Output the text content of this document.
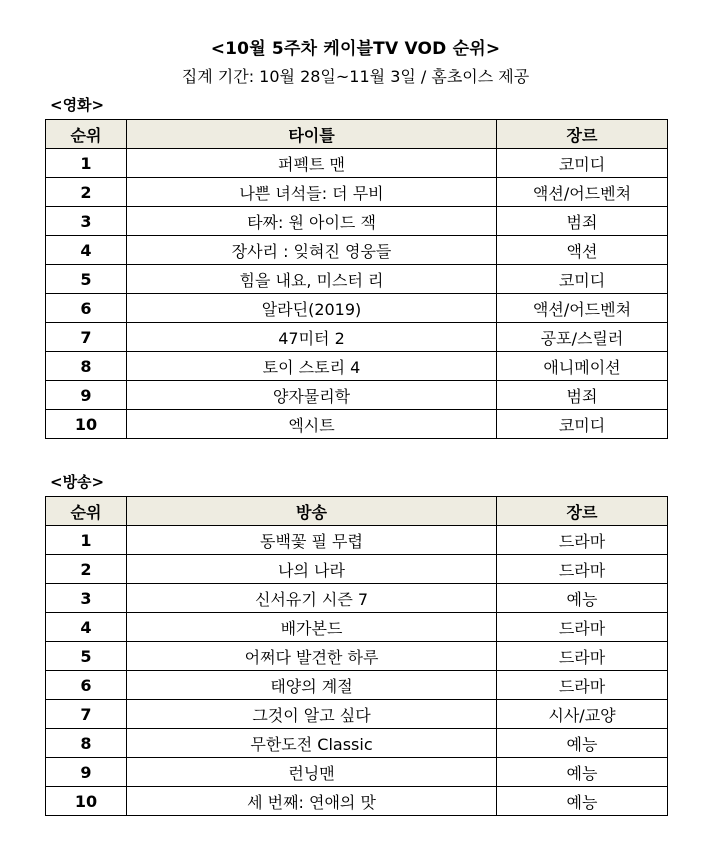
<10월 5주차 케이블TV VOD 순위>
집계 기간: 10월 28일~11월 3일 / 홈초이스 제공
<영화>
순위	타이틀	장르
1	퍼펙트 맨	코미디
2	나쁜 녀석들: 더 무비	액션/어드벤쳐
3	타짜: 원 아이드 잭	범죄
4	장사리 : 잊혀진 영웅들	액션
5	힘을 내요, 미스터 리	코미디
6	알라딘(2019)	액션/어드벤쳐
7	47미터 2	공포/스릴러
8	토이 스토리 4	애니메이션
9	양자물리학	범죄
10	엑시트	코미디
<방송>
순위	방송	장르
1	동백꽃 필 무렵	드라마
2	나의 나라	드라마
3	신서유기 시즌 7	예능
4	배가본드	드라마
5	어쩌다 발견한 하루	드라마
6	태양의 계절	드라마
7	그것이 알고 싶다	시사/교양
8	무한도전 Classic	예능
9	런닝맨	예능
10	세 번째: 연애의 맛	예능
